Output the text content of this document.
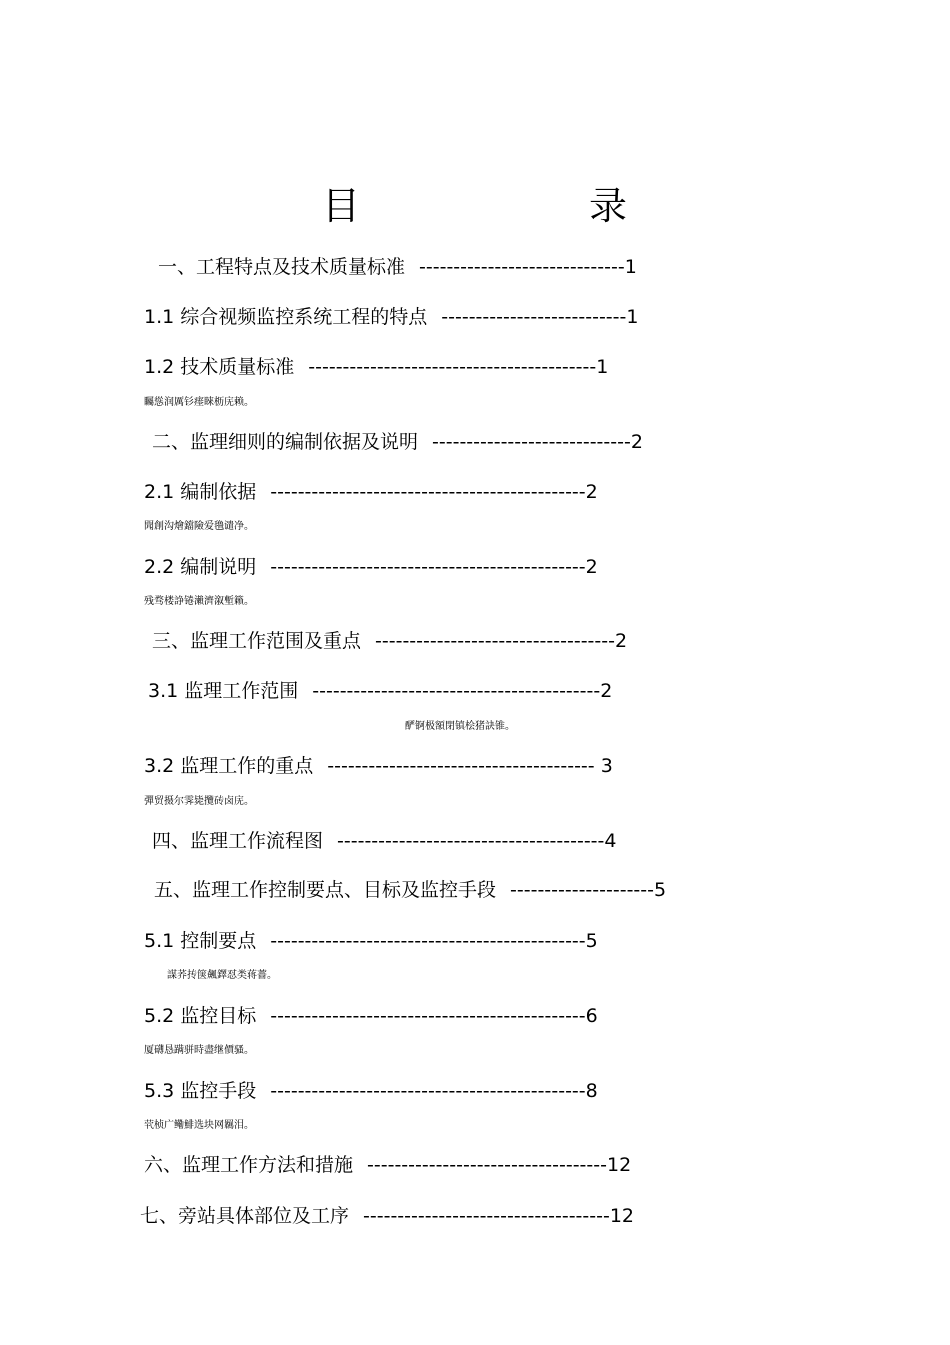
目	录
一、工程特点及技术质量标准 ------------------------------1
1.1 综合视频监控系统工程的特点 ---------------------------1
1.2 技术质量标准 ------------------------------------------1
矚慫润厲钐瘗睞枥庑赖。
二、监理细则的编制依据及说明 -----------------------------2
2.1 编制依据 ----------------------------------------------2
聞創沟燴鐺險爱氇谴净。
2.2 编制说明 ----------------------------------------------2
残骛楼諍锩瀨濟溆塹籟。
三、监理工作范围及重点 -----------------------------------2
3.1 监理工作范围 ------------------------------------------2
酽锕极額閉镇桧猪訣锥。
3.2 监理工作的重点 --------------------------------------- 3
彈贸摄尔霁毙攬砖卤庑。
四、监理工作流程图 ---------------------------------------4
五、监理工作控制要点、目标及监控手段 ---------------------5
5.1 控制要点 ----------------------------------------------5
謀荞抟箧飆鐸怼类蒋薔。
5.2 监控目标 ----------------------------------------------6
厦礴恳蹒骈時盡继價骚。
5.3 监控手段 ----------------------------------------------8
茕桢广鳓鯡选块网羈泪。
六、监理工作方法和措施 -----------------------------------12
七、旁站具体部位及工序 ------------------------------------12
